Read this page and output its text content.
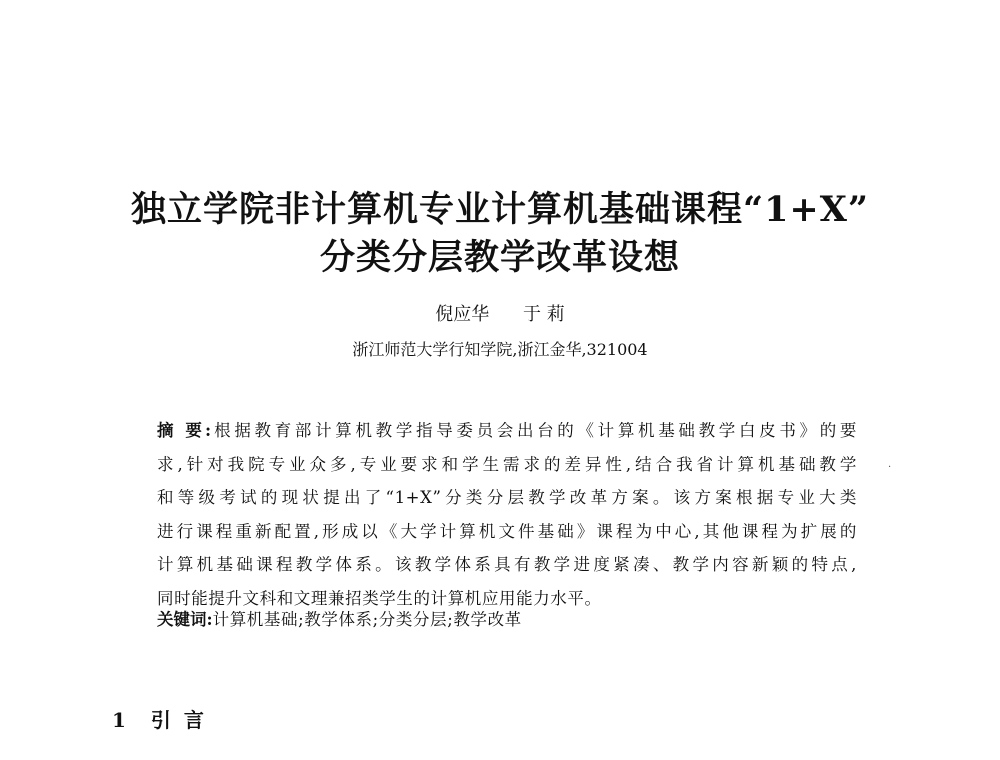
独立学院非计算机专业计算机基础课程“1+X”
分类分层教学改革设想
倪应华 于 莉
浙江师范大学行知学院,浙江金华,321004
摘 要:根据教育部计算机教学指导委员会出台的《计算机基础教学白皮书》的要
求,针对我院专业众多,专业要求和学生需求的差异性,结合我省计算机基础教学
和等级考试的现状提出了“1+X”分类分层教学改革方案。该方案根据专业大类
进行课程重新配置,形成以《大学计算机文件基础》课程为中心,其他课程为扩展的
计算机基础课程教学体系。该教学体系具有教学进度紧凑、教学内容新颖的特点,
同时能提升文科和文理兼招类学生的计算机应用能力水平。
关键词:计算机基础;教学体系;分类分层;教学改革
1 引 言
·
